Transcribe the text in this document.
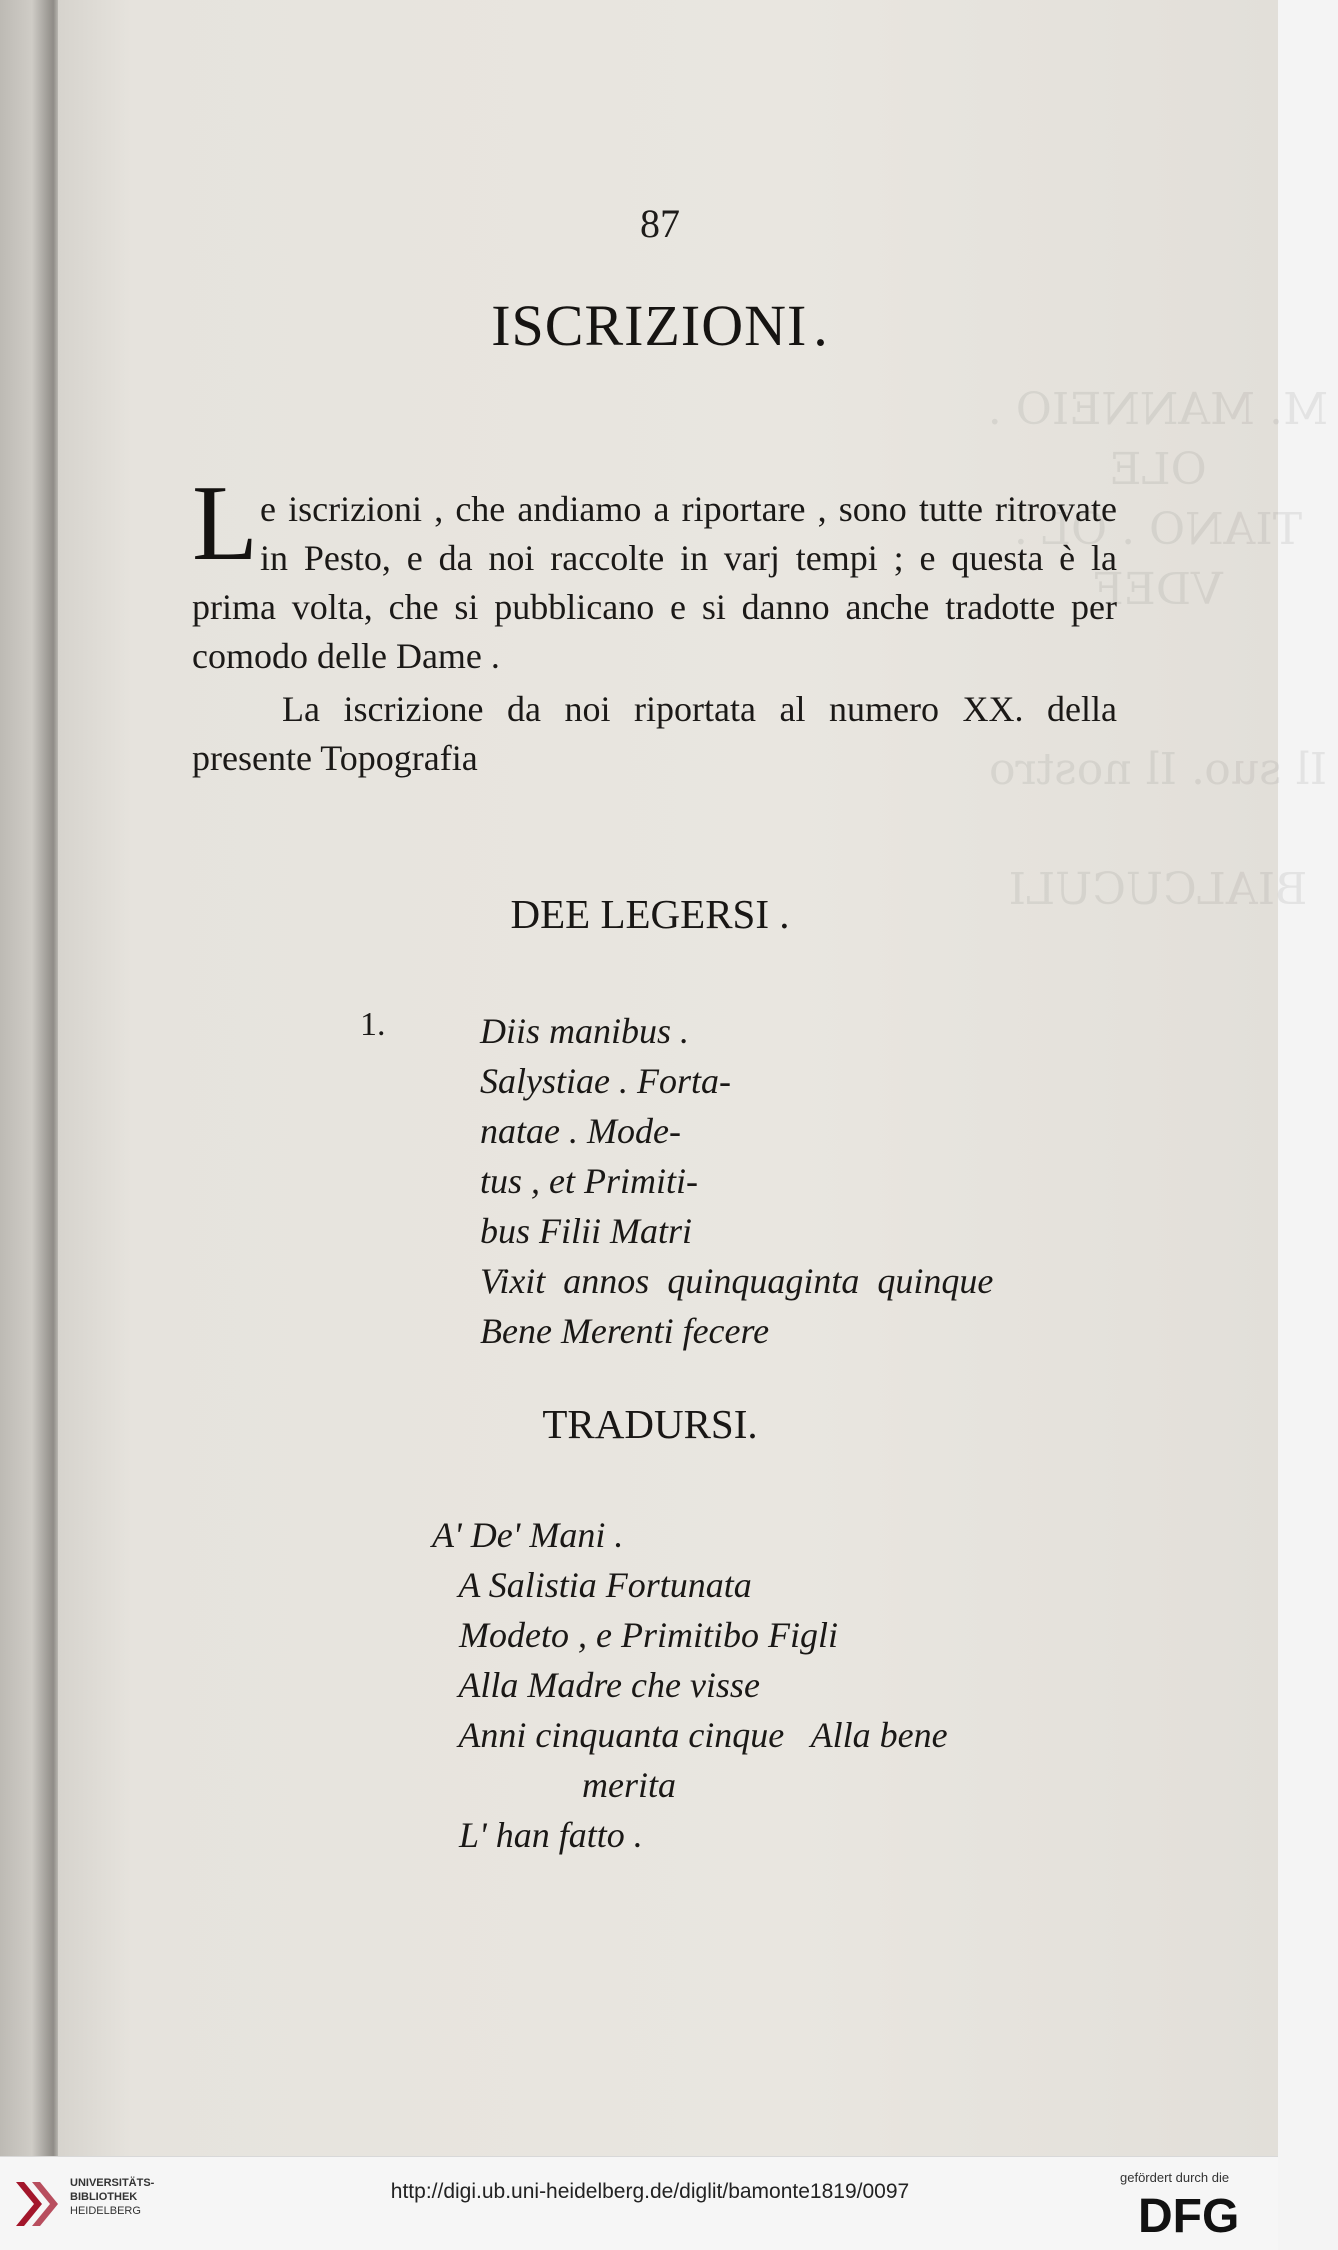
M. MANNEIO . OLE
TIANO . OL . VDEF

Il suo. Il nostro

BIALCUCULI

87
ISCRIZIONI .

Le iscrizioni , che andiamo a riportare , sono tutte ritrovate in Pesto, e da noi raccolte in varj tempi ; e questa è la prima volta, che si pubblicano e si danno anche tradotte per comodo delle Dame .

La iscrizione da noi riportata al numero XX. della presente Topografia

DEE LEGERSI .
1.	Diis manibus .
Salystiae . Forta-
natae . Mode-
tus , et Primiti-
bus Filii Matri
Vixit  annos  quinquaginta  quinque
Bene Merenti fecere
TRADURSI.
A' De' Mani .
A Salistia Fortunata
Modeto , e Primitibo Figli
Alla Madre che visse
Anni cinquanta cinque   Alla bene
merita
L' han fatto .
UNIVERSITÄTS-
BIBLIOTHEK
HEIDELBERG
http://digi.ub.uni-heidelberg.de/diglit/bamonte1819/0097
gefördert durch die
DFG
